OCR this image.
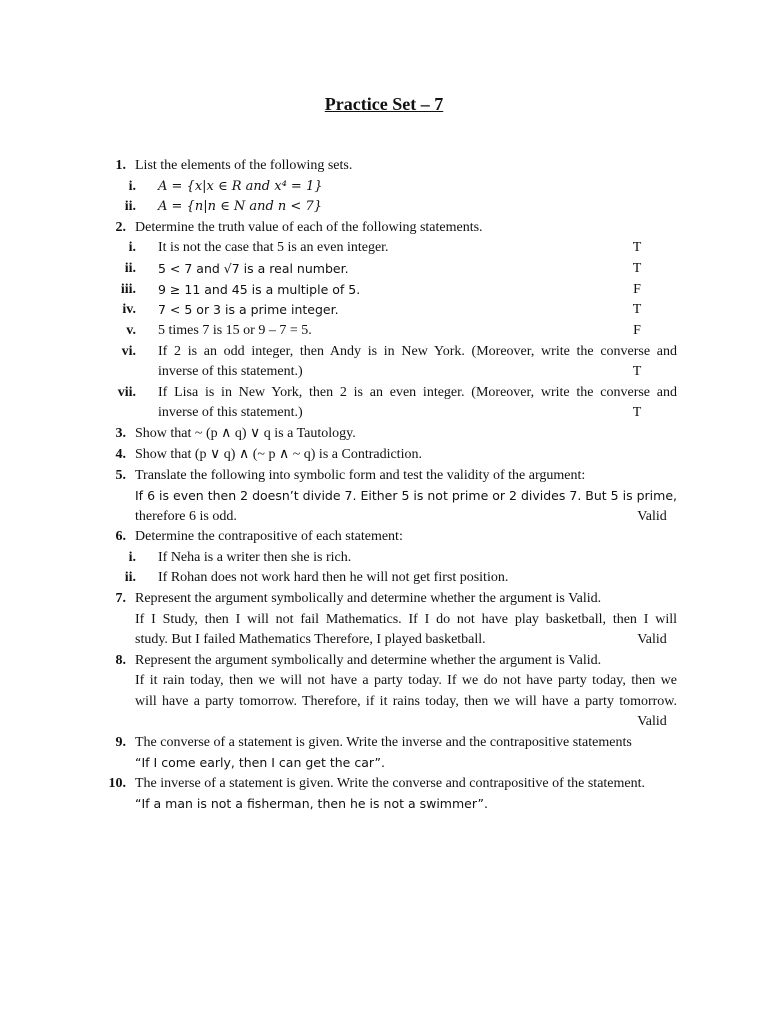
Practice Set – 7
1. List the elements of the following sets.
i. A = {x|x ∈ R and x⁴ = 1}
ii. A = {n|n ∈ N and n < 7}
2. Determine the truth value of each of the following statements.
i. It is not the case that 5 is an even integer.	T
ii. 5 < 7 and √7 is a real number.	T
iii. 9 ≥ 11 and 45 is a multiple of 5.	F
iv. 7 < 5 or 3 is a prime integer.	T
v. 5 times 7 is 15 or 9 – 7 = 5.	F
vi. If 2 is an odd integer, then Andy is in New York. (Moreover, write the converse and
inverse of this statement.)	T
vii. If Lisa is in New York, then 2 is an even integer. (Moreover, write the converse and
inverse of this statement.)	T
3. Show that ~ (p ∧ q) ∨ q is a Tautology.
4. Show that (p ∨ q) ∧ (~ p ∧ ~ q) is a Contradiction.
5. Translate the following into symbolic form and test the validity of the argument:
If 6 is even then 2 doesn’t divide 7. Either 5 is not prime or 2 divides 7. But 5 is prime,
therefore 6 is odd.	Valid
6. Determine the contrapositive of each statement:
i. If Neha is a writer then she is rich.
ii. If Rohan does not work hard then he will not get first position.
7. Represent the argument symbolically and determine whether the argument is Valid.
If I Study, then I will not fail Mathematics. If I do not have play basketball, then I will
study. But I failed Mathematics Therefore, I played basketball.	Valid
8. Represent the argument symbolically and determine whether the argument is Valid.
If it rain today, then we will not have a party today. If we do not have party today, then we
will have a party tomorrow. Therefore, if it rains today, then we will have a party tomorrow.
Valid
9. The converse of a statement is given. Write the inverse and the contrapositive statements
“If I come early, then I can get the car”.
10. The inverse of a statement is given. Write the converse and contrapositive of the statement.
“If a man is not a fisherman, then he is not a swimmer”.
